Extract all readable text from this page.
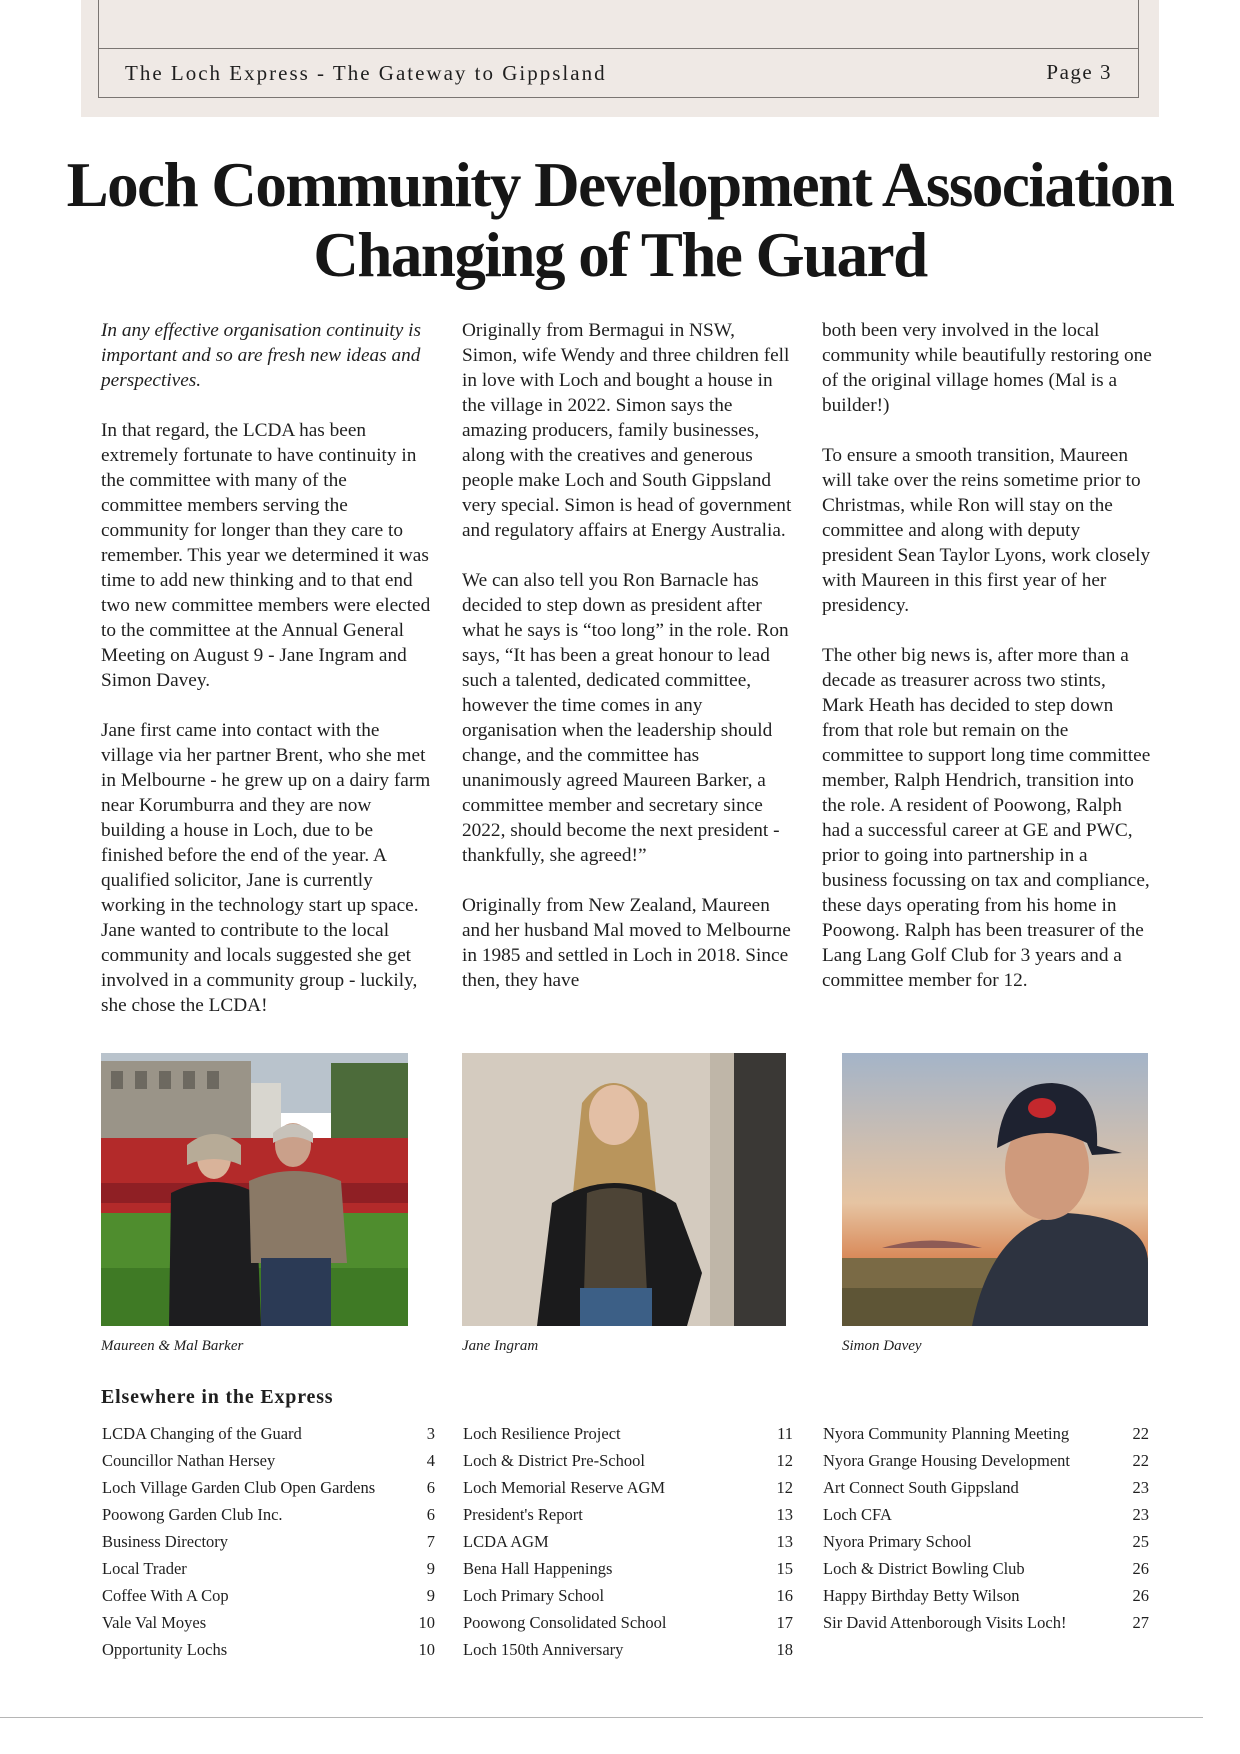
The Loch Express - The Gateway to Gippsland	Page 3
Loch Community Development Association
Changing of The Guard

In any effective organisation continuity is important and so are fresh new ideas and perspectives.

In that regard, the LCDA has been extremely fortunate to have continuity in the committee with many of the committee members serving the community for longer than they care to remember. This year we determined it was time to add new thinking and to that end two new committee members were elected to the committee at the Annual General Meeting on August 9 - Jane Ingram and Simon Davey.

Jane first came into contact with the village via her partner Brent, who she met in Melbourne - he grew up on a dairy farm near Korumburra and they are now building a house in Loch, due to be finished before the end of the year. A qualified solicitor, Jane is currently working in the technology start up space. Jane wanted to contribute to the local community and locals suggested she get involved in a community group - luckily, she chose the LCDA!

Originally from Bermagui in NSW, Simon, wife Wendy and three children fell in love with Loch and bought a house in the village in 2022. Simon says the amazing producers, family businesses, along with the creatives and generous people make Loch and South Gippsland very special. Simon is head of government and regulatory affairs at Energy Australia.

We can also tell you Ron Barnacle has decided to step down as president after what he says is “too long” in the role. Ron says, “It has been a great honour to lead such a talented, dedicated committee, however the time comes in any organisation when the leadership should change, and the committee has unanimously agreed Maureen Barker, a committee member and secretary since 2022, should become the next president - thankfully, she agreed!”

Originally from New Zealand, Maureen and her husband Mal moved to Melbourne in 1985 and settled in Loch in 2018. Since then, they have

both been very involved in the local community while beautifully restoring one of the original village homes (Mal is a builder!)

To ensure a smooth transition, Maureen will take over the reins sometime prior to Christmas, while Ron will stay on the committee and along with deputy president Sean Taylor Lyons, work closely with Maureen in this first year of her presidency.

The other big news is, after more than a decade as treasurer across two stints, Mark Heath has decided to step down from that role but remain on the committee to support long time committee member, Ralph Hendrich, transition into the role. A resident of Poowong, Ralph had a successful career at GE and PWC, prior to going into partnership in a business focussing on tax and compliance, these days operating from his home in Poowong. Ralph has been treasurer of the Lang Lang Golf Club for 3 years and a committee member for 12.

Maureen & Mal Barker	Jane Ingram	Simon Davey
Elsewhere in the Express
LCDA Changing of the Guard	3
Councillor Nathan Hersey	4
Loch Village Garden Club Open Gardens	6
Poowong Garden Club Inc.	6
Business Directory	7
Local Trader	9
Coffee With A Cop	9
Vale Val Moyes	10
Opportunity Lochs	10
Loch Resilience Project	11
Loch & District Pre-School	12
Loch Memorial Reserve AGM	12
President's Report	13
LCDA AGM	13
Bena Hall Happenings	15
Loch Primary School	16
Poowong Consolidated School	17
Loch 150th Anniversary	18
Nyora Community Planning Meeting	22
Nyora Grange Housing Development	22
Art Connect South Gippsland	23
Loch CFA	23
Nyora Primary School	25
Loch & District Bowling Club	26
Happy Birthday Betty Wilson	26
Sir David Attenborough Visits Loch!	27
